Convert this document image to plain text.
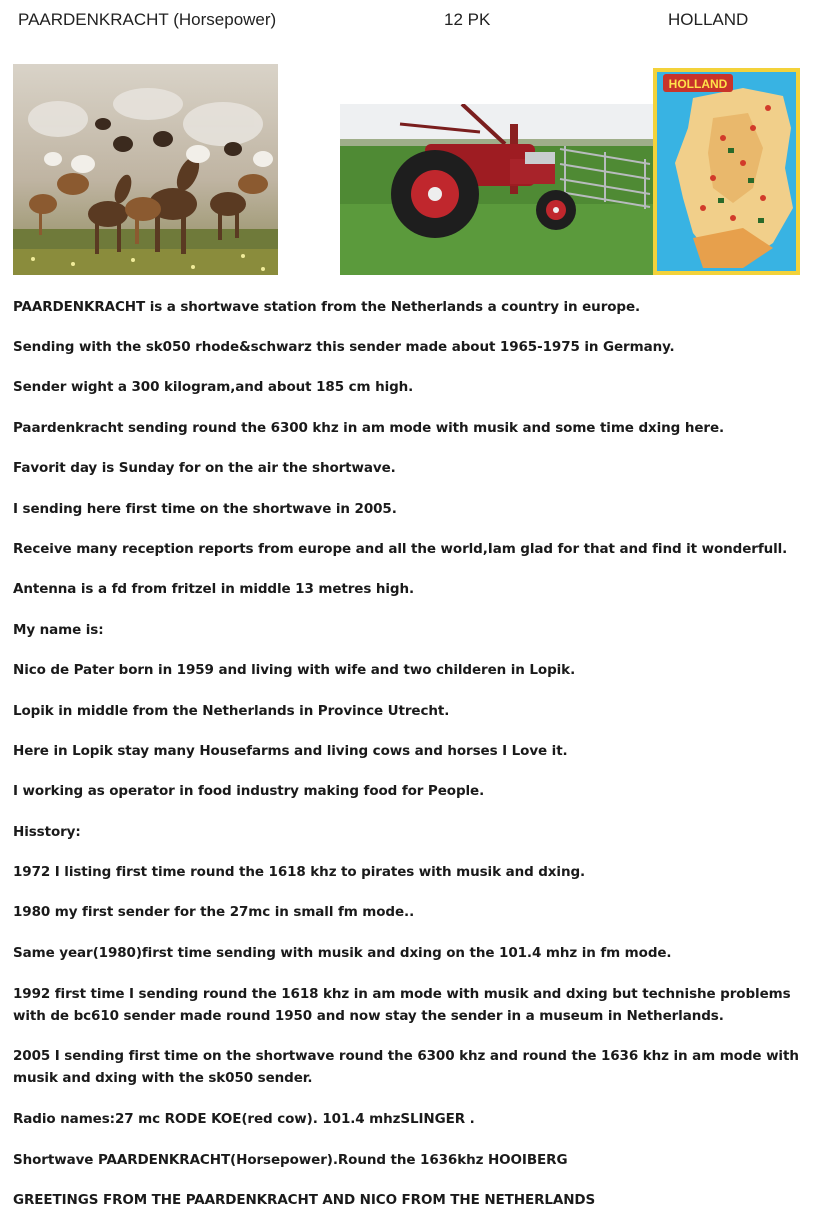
PAARDENKRACHT (Horsepower)	12 PK	HOLLAND
HOLLAND
PAARDENKRACHT is a shortwave station from the Netherlands a country in europe.
Sending with the sk050 rhode&schwarz this sender made about 1965-1975 in Germany.
Sender wight a 300 kilogram,and about 185 cm high.
Paardenkracht sending round the 6300 khz in am mode with musik and some time dxing here.
Favorit day is Sunday for on the air the shortwave.
I sending here first time on the shortwave in 2005.
Receive many reception reports from europe and all the world,Iam glad for that and find it wonderfull.
Antenna is a fd from fritzel in middle 13 metres high.
My name is:
Nico de Pater born in 1959 and living with wife and two childeren in Lopik.
Lopik in middle from the Netherlands in Province Utrecht.
Here in Lopik stay many Housefarms and living cows and horses I Love it.
I working as operator in food industry making food for People.
Hisstory:
1972 I listing first time round the 1618 khz to pirates with musik and dxing.
1980 my first sender for the 27mc in small fm mode..
Same year(1980)first time sending with musik and dxing on the 101.4 mhz in fm mode.
1992 first time I sending round the 1618 khz in am mode with musik and dxing but technishe problems with de bc610 sender made round 1950 and now stay the sender in a museum in Netherlands.
2005 I sending first time on the shortwave round the 6300 khz and round the 1636 khz in am mode with musik and dxing with the sk050 sender.
Radio names:27 mc RODE KOE(red cow). 101.4 mhzSLINGER .
Shortwave PAARDENKRACHT(Horsepower).Round the 1636khz HOOIBERG
GREETINGS FROM THE PAARDENKRACHT AND NICO FROM THE NETHERLANDS
